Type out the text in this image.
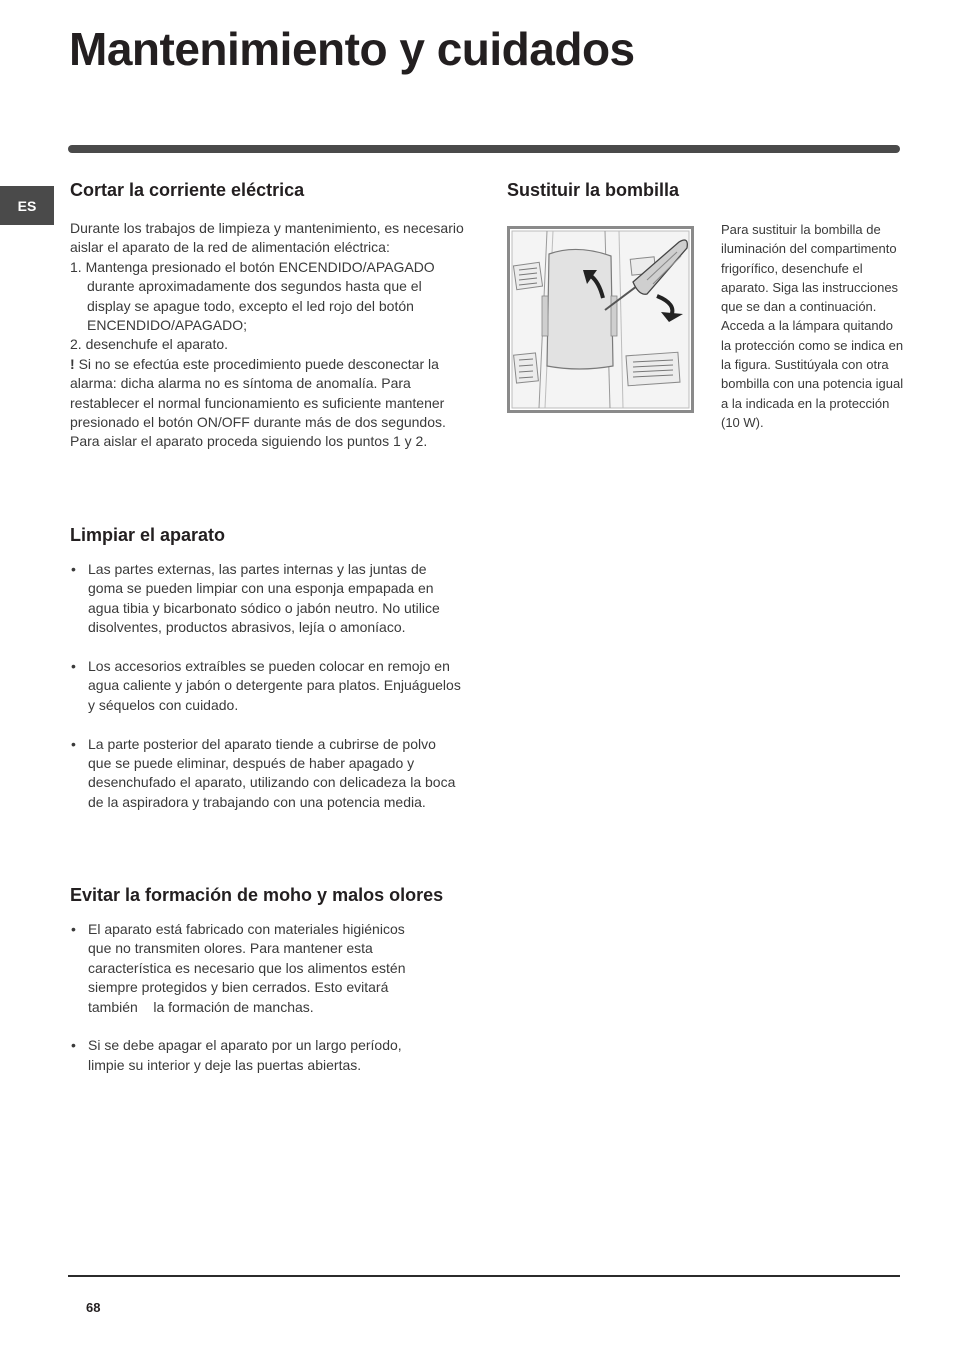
Mantenimiento y cuidados
ES
Cortar la corriente eléctrica

Durante los trabajos de limpieza y mantenimiento, es necesario aislar el aparato de la red de alimentación eléctrica:

1. Mantenga presionado el botón ENCENDIDO/APAGADO durante aproximadamente dos segundos hasta que el display se apague todo, excepto el led rojo del botón ENCENDIDO/APAGADO;

2. desenchufe el aparato.

! Si no se efectúa este procedimiento puede desconectar la alarma: dicha alarma no es síntoma de anomalía. Para restablecer el normal funcionamiento es suficiente mantener presionado el botón ON/OFF durante más de dos segundos. Para aislar el aparato proceda siguiendo los puntos 1 y 2.

Limpiar el aparato
• Las partes externas, las partes internas y las juntas de goma se pueden limpiar con una esponja empapada en agua tibia y bicarbonato sódico o jabón neutro. No utilice disolventes, productos abrasivos, lejía o amoníaco.
• Los accesorios extraíbles se pueden colocar en remojo en agua caliente y jabón o detergente para platos. Enjuáguelos y séquelos con cuidado.
• La parte posterior del aparato tiende a cubrirse de polvo que se puede eliminar, después de haber apagado y desenchufado el aparato, utilizando con delicadeza la boca de la aspiradora y trabajando con una potencia media.
Evitar la formación de moho y malos olores
• El aparato está fabricado con materiales higiénicos que no transmiten olores. Para mantener esta característica es necesario que los alimentos estén siempre protegidos y bien cerrados. Esto evitará también    la formación de manchas.
• Si se debe apagar el aparato por un largo período, limpie su interior y deje las puertas abiertas.
Sustituir la bombilla
Para sustituir la bombilla de iluminación del compartimento frigorífico, desenchufe el aparato. Siga las instrucciones que se dan a continuación. Acceda a la lámpara quitando la protección como se indica en la figura. Sustitúyala con otra bombilla con una potencia igual a la indicada en la protección (10 W).
68
